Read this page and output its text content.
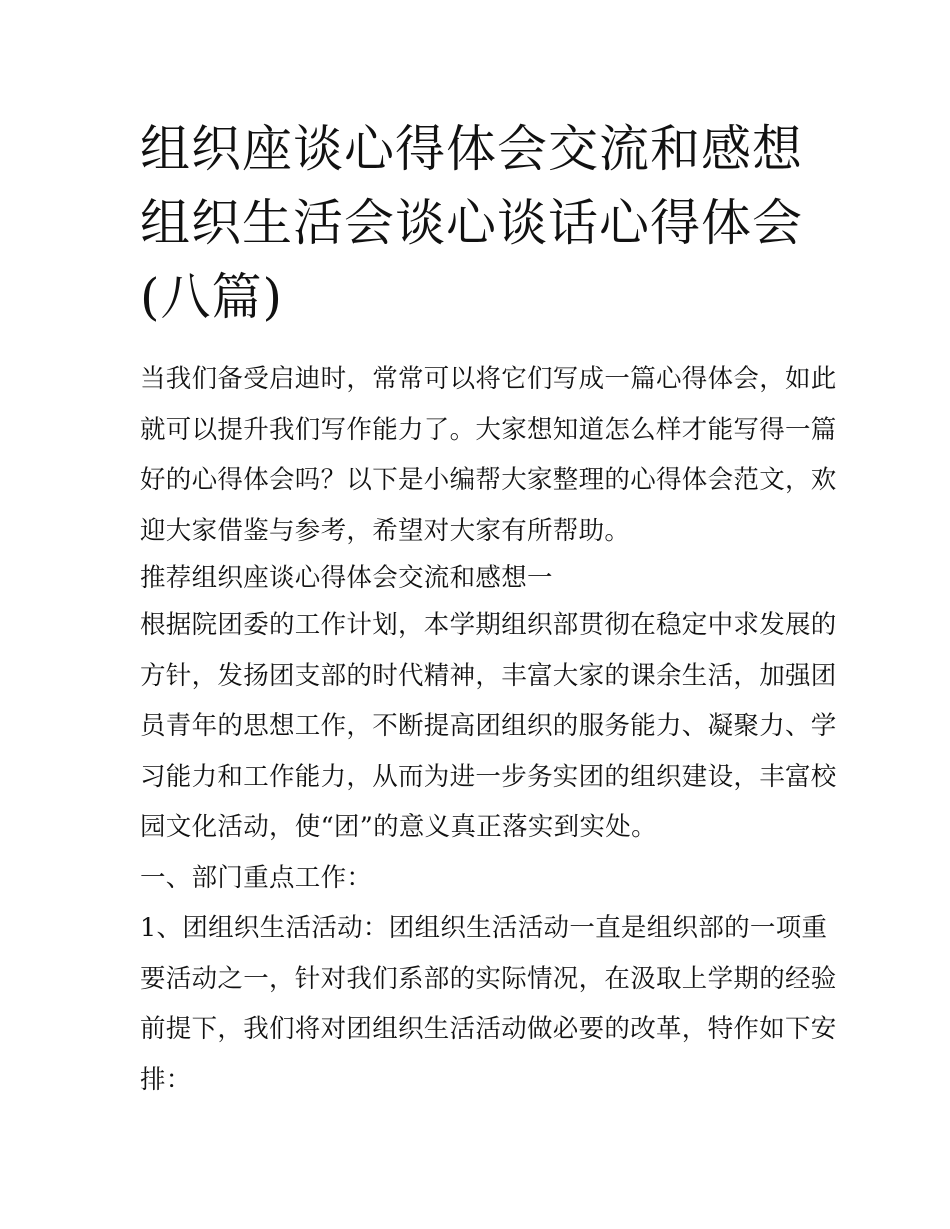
组织座谈心得体会交流和感想
组织生活会谈心谈话心得体会
(八篇)

当我们备受启迪时，常常可以将它们写成一篇心得体会，如此
就可以提升我们写作能力了。大家想知道怎么样才能写得一篇
好的心得体会吗？以下是小编帮大家整理的心得体会范文，欢
迎大家借鉴与参考，希望对大家有所帮助。

推荐组织座谈心得体会交流和感想一

根据院团委的工作计划，本学期组织部贯彻在稳定中求发展的
方针，发扬团支部的时代精神，丰富大家的课余生活，加强团
员青年的思想工作，不断提高团组织的服务能力、凝聚力、学
习能力和工作能力，从而为进一步务实团的组织建设，丰富校
园文化活动，使“团”的意义真正落实到实处。

一、部门重点工作：

1、团组织生活活动：团组织生活活动一直是组织部的一项重
要活动之一，针对我们系部的实际情况，在汲取上学期的经验
前提下，我们将对团组织生活活动做必要的改革，特作如下安
排：
